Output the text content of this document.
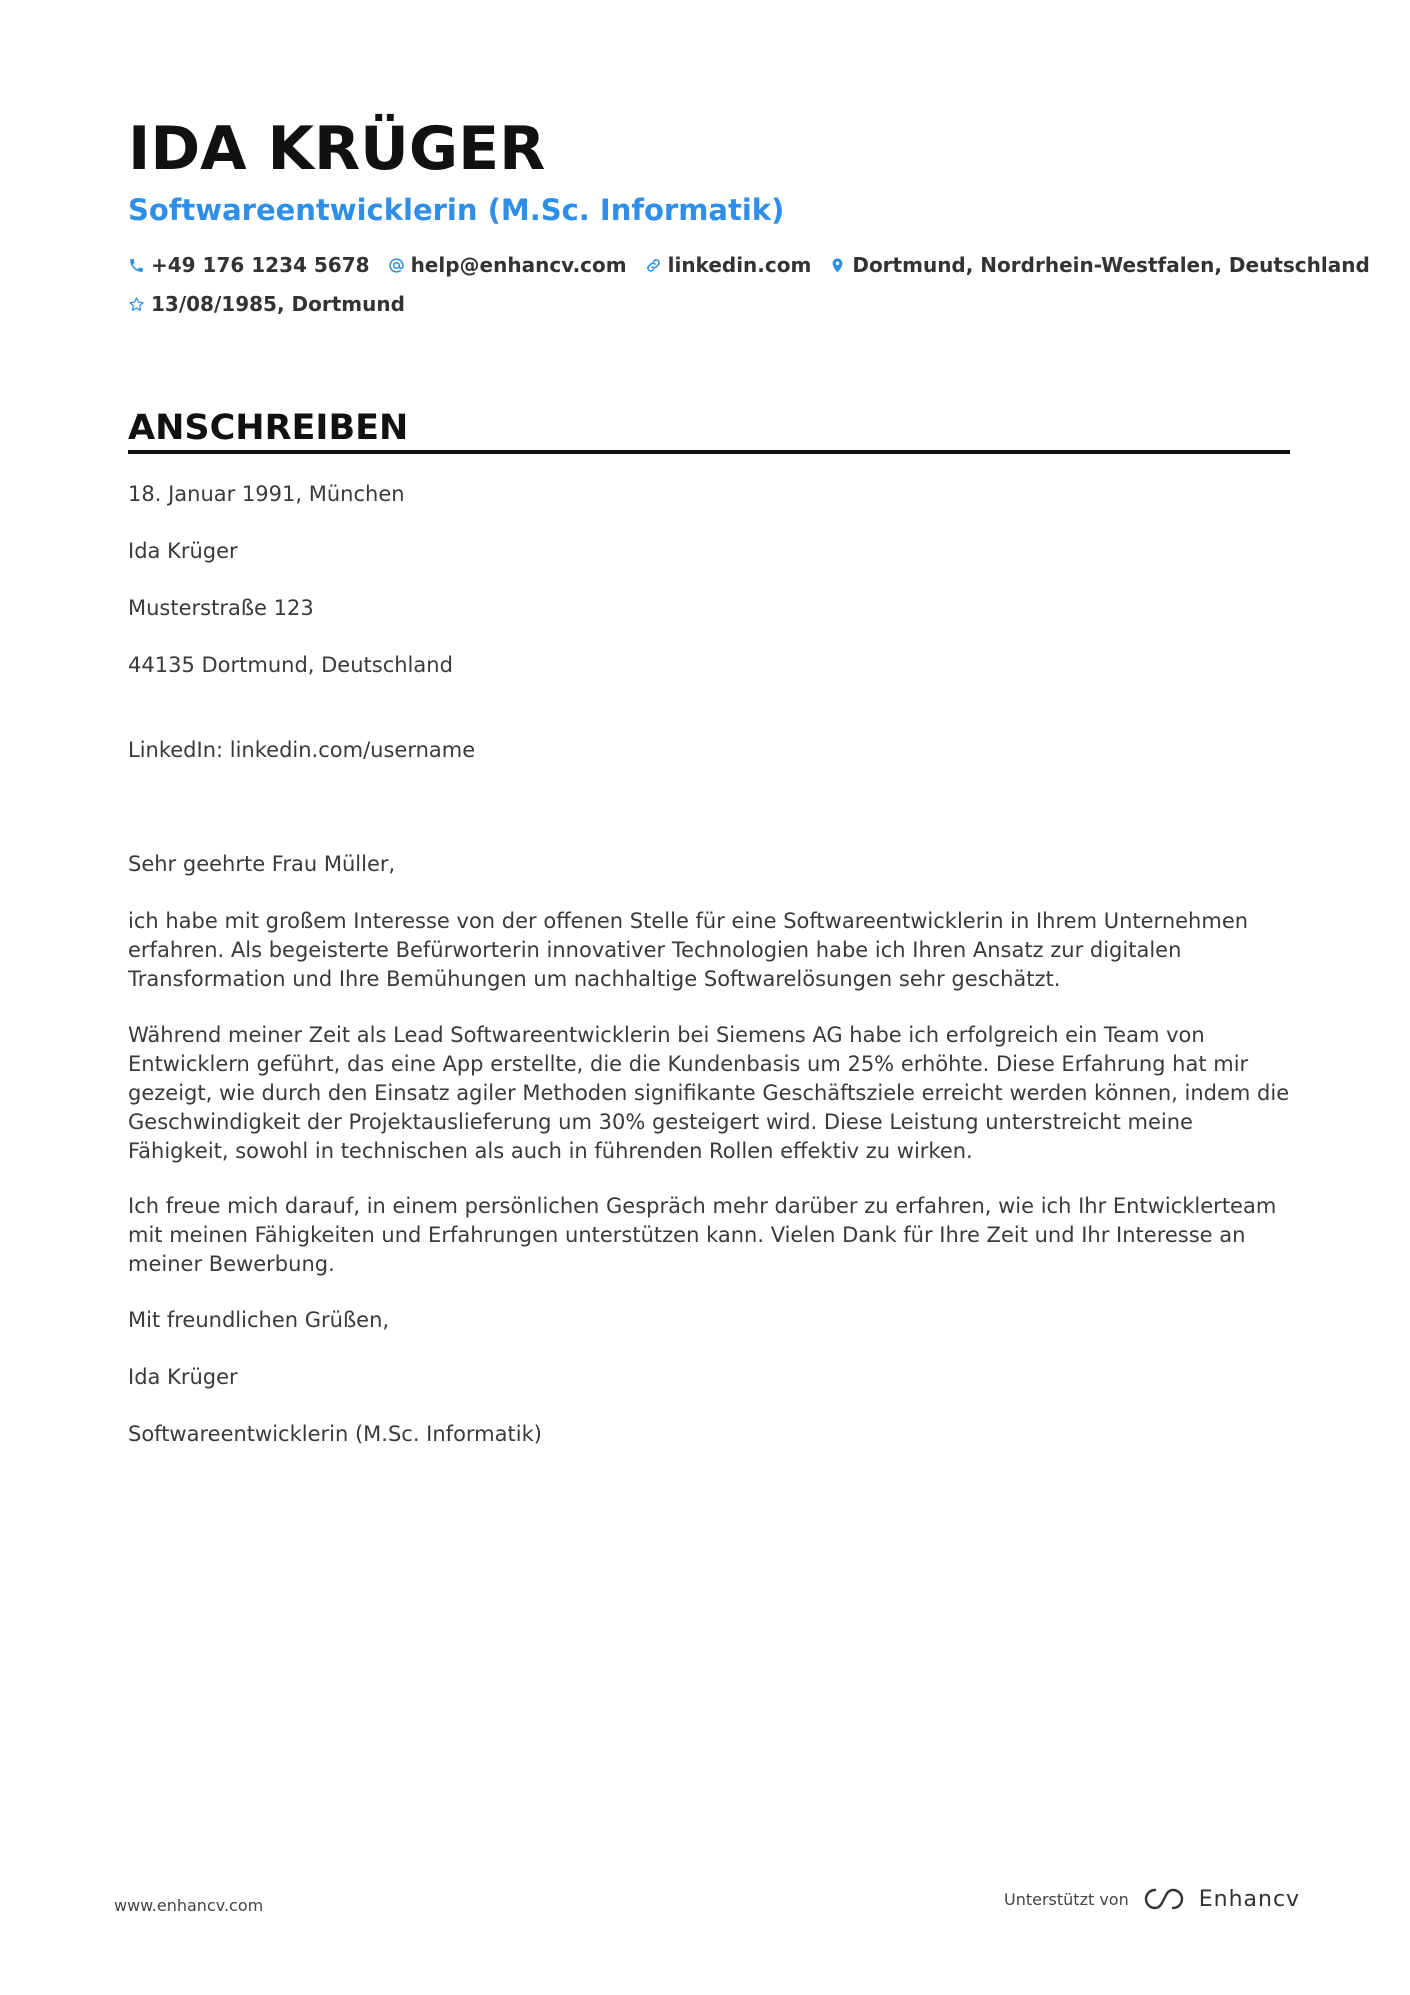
IDA KRÜGER
Softwareentwicklerin (M.Sc. Informatik)
+49 176 1234 5678 help@enhancv.com linkedin.com Dortmund, Nordrhein-Westfalen, Deutschland
13/08/1985, Dortmund
ANSCHREIBEN

18. Januar 1991, München

Ida Krüger

Musterstraße 123

44135 Dortmund, Deutschland

LinkedIn: linkedin.com/username

Sehr geehrte Frau Müller,

ich habe mit großem Interesse von der offenen Stelle für eine Softwareentwicklerin in Ihrem Unternehmen erfahren. Als begeisterte Befürworterin innovativer Technologien habe ich Ihren Ansatz zur digitalen Transformation und Ihre Bemühungen um nachhaltige Softwarelösungen sehr geschätzt.

Während meiner Zeit als Lead Softwareentwicklerin bei Siemens AG habe ich erfolgreich ein Team von Entwicklern geführt, das eine App erstellte, die die Kundenbasis um 25% erhöhte. Diese Erfahrung hat mir gezeigt, wie durch den Einsatz agiler Methoden signifikante Geschäftsziele erreicht werden können, indem die Geschwindigkeit der Projektauslieferung um 30% gesteigert wird. Diese Leistung unterstreicht meine Fähigkeit, sowohl in technischen als auch in führenden Rollen effektiv zu wirken.

Ich freue mich darauf, in einem persönlichen Gespräch mehr darüber zu erfahren, wie ich Ihr Entwicklerteam mit meinen Fähigkeiten und Erfahrungen unterstützen kann. Vielen Dank für Ihre Zeit und Ihr Interesse an meiner Bewerbung.

Mit freundlichen Grüßen,

Ida Krüger

Softwareentwicklerin (M.Sc. Informatik)

www.enhancv.com	Unterstützt von	Enhancv
